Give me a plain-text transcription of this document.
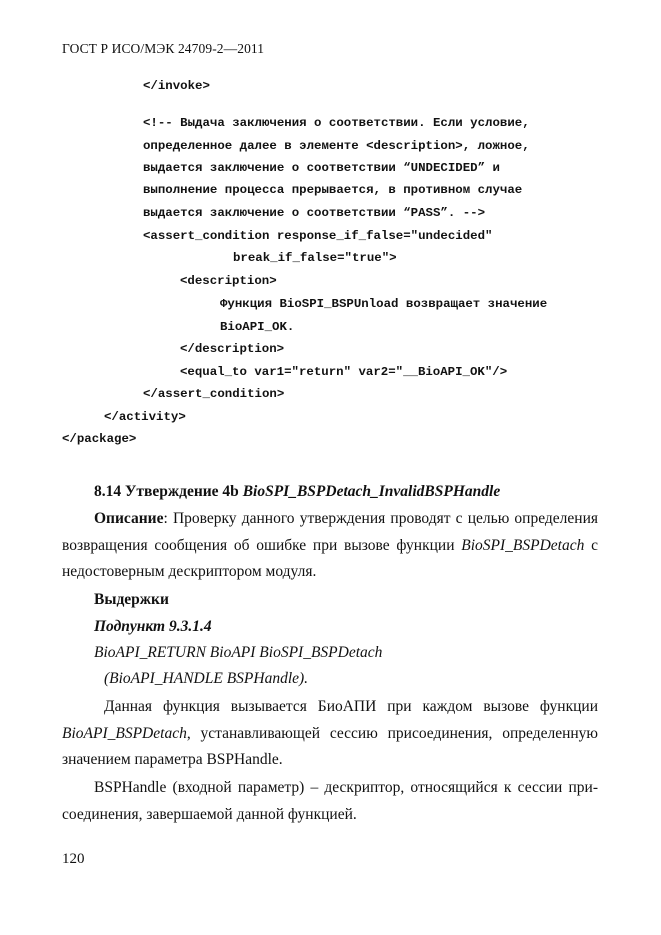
ГОСТ Р ИСО/МЭК 24709-2—2011
</invoke>
<!-- Выдача заключения о соответствии. Если условие,
определенное далее в элементе <description>, ложное,
выдается заключение о соответствии “UNDECIDED” и
выполнение процесса прерывается, в противном случае
выдается заключение о соответствии “PASS”. -->
<assert_condition response_if_false="undecided"
break_if_false="true">
<description>
Функция BioSPI_BSPUnload возвращает значение
BioAPI_OK.
</description>
<equal_to var1="return" var2="__BioAPI_OK"/>
</assert_condition>
</activity>
</package>
8.14 Утверждение 4b BioSPI_BSPDetach_InvalidBSPHandle
Описание: Проверку данного утверждения проводят с целью определения
возвращения сообщения об ошибке при вызове функции BioSPI_BSPDetach с
недостоверным дескриптором модуля.
Выдержки
Подпункт 9.3.1.4
BioAPI_RETURN BioAPI BioSPI_BSPDetach
(BioAPI_HANDLE BSPHandle).
Данная функция вызывается БиоАПИ при каждом вызове функции
BioAPI_BSPDetach, устанавливающей сессию присоединения, определенную
значением параметра BSPHandle.
BSPHandle (входной параметр) – дескриптор, относящийся к сессии при-
соединения, завершаемой данной функцией.
120
